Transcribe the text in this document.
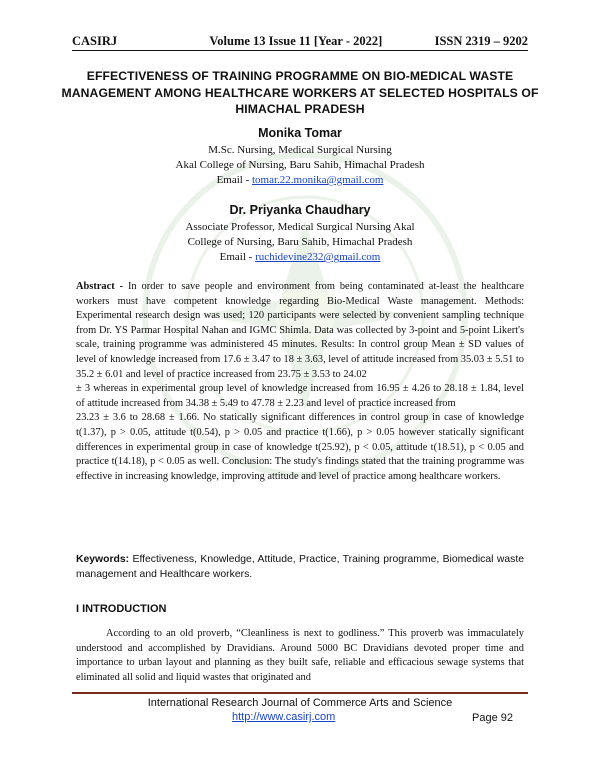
CASIRJ	Volume 13 Issue 11 [Year - 2022]	ISSN 2319 – 9202
EFFECTIVENESS OF TRAINING PROGRAMME ON BIO-MEDICAL WASTE MANAGEMENT AMONG HEALTHCARE WORKERS AT SELECTED HOSPITALS OF HIMACHAL PRADESH
Monika Tomar
M.Sc. Nursing, Medical Surgical Nursing
Akal College of Nursing, Baru Sahib, Himachal Pradesh
Email - tomar.22.monika@gmail.com
Dr. Priyanka Chaudhary
Associate Professor, Medical Surgical Nursing Akal
College of Nursing, Baru Sahib, Himachal Pradesh
Email - ruchidevine232@gmail.com

Abstract - In order to save people and environment from being contaminated at-least the healthcare workers must have competent knowledge regarding Bio-Medical Waste management. Methods: Experimental research design was used; 120 participants were selected by convenient sampling technique from Dr. YS Parmar Hospital Nahan and IGMC Shimla. Data was collected by 3-point and 5-point Likert's scale, training programme was administered 45 minutes. Results: In control group Mean ± SD values of level of knowledge increased from 17.6 ± 3.47 to 18 ± 3.63, level of attitude increased from 35.03 ± 5.51 to 35.2 ± 6.01 and level of practice increased from 23.75 ± 3.53 to 24.02

± 3 whereas in experimental group level of knowledge increased from 16.95 ± 4.26 to 28.18 ± 1.84, level of attitude increased from 34.38 ± 5.49 to 47.78 ± 2.23 and level of practice increased from

23.23 ± 3.6 to 28.68 ± 1.66. No statically significant differences in control group in case of knowledge t(1.37), p > 0.05, attitude t(0.54), p > 0.05 and practice t(1.66), p > 0.05 however statically significant differences in experimental group in case of knowledge t(25.92), p < 0.05, attitude t(18.51), p < 0.05 and practice t(14.18), p < 0.05 as well. Conclusion: The study's findings stated that the training programme was effective in increasing knowledge, improving attitude and level of practice among healthcare workers.

Keywords: Effectiveness, Knowledge, Attitude, Practice, Training programme, Biomedical waste management and Healthcare workers.
I INTRODUCTION
According to an old proverb, “Cleanliness is next to godliness.” This proverb was immaculately understood and accomplished by Dravidians. Around 5000 BC Dravidians devoted proper time and importance to urban layout and planning as they built safe, reliable and efficacious sewage systems that eliminated all solid and liquid wastes that originated and
International Research Journal of Commerce Arts and Science
http://www.casirj.com	Page 92
